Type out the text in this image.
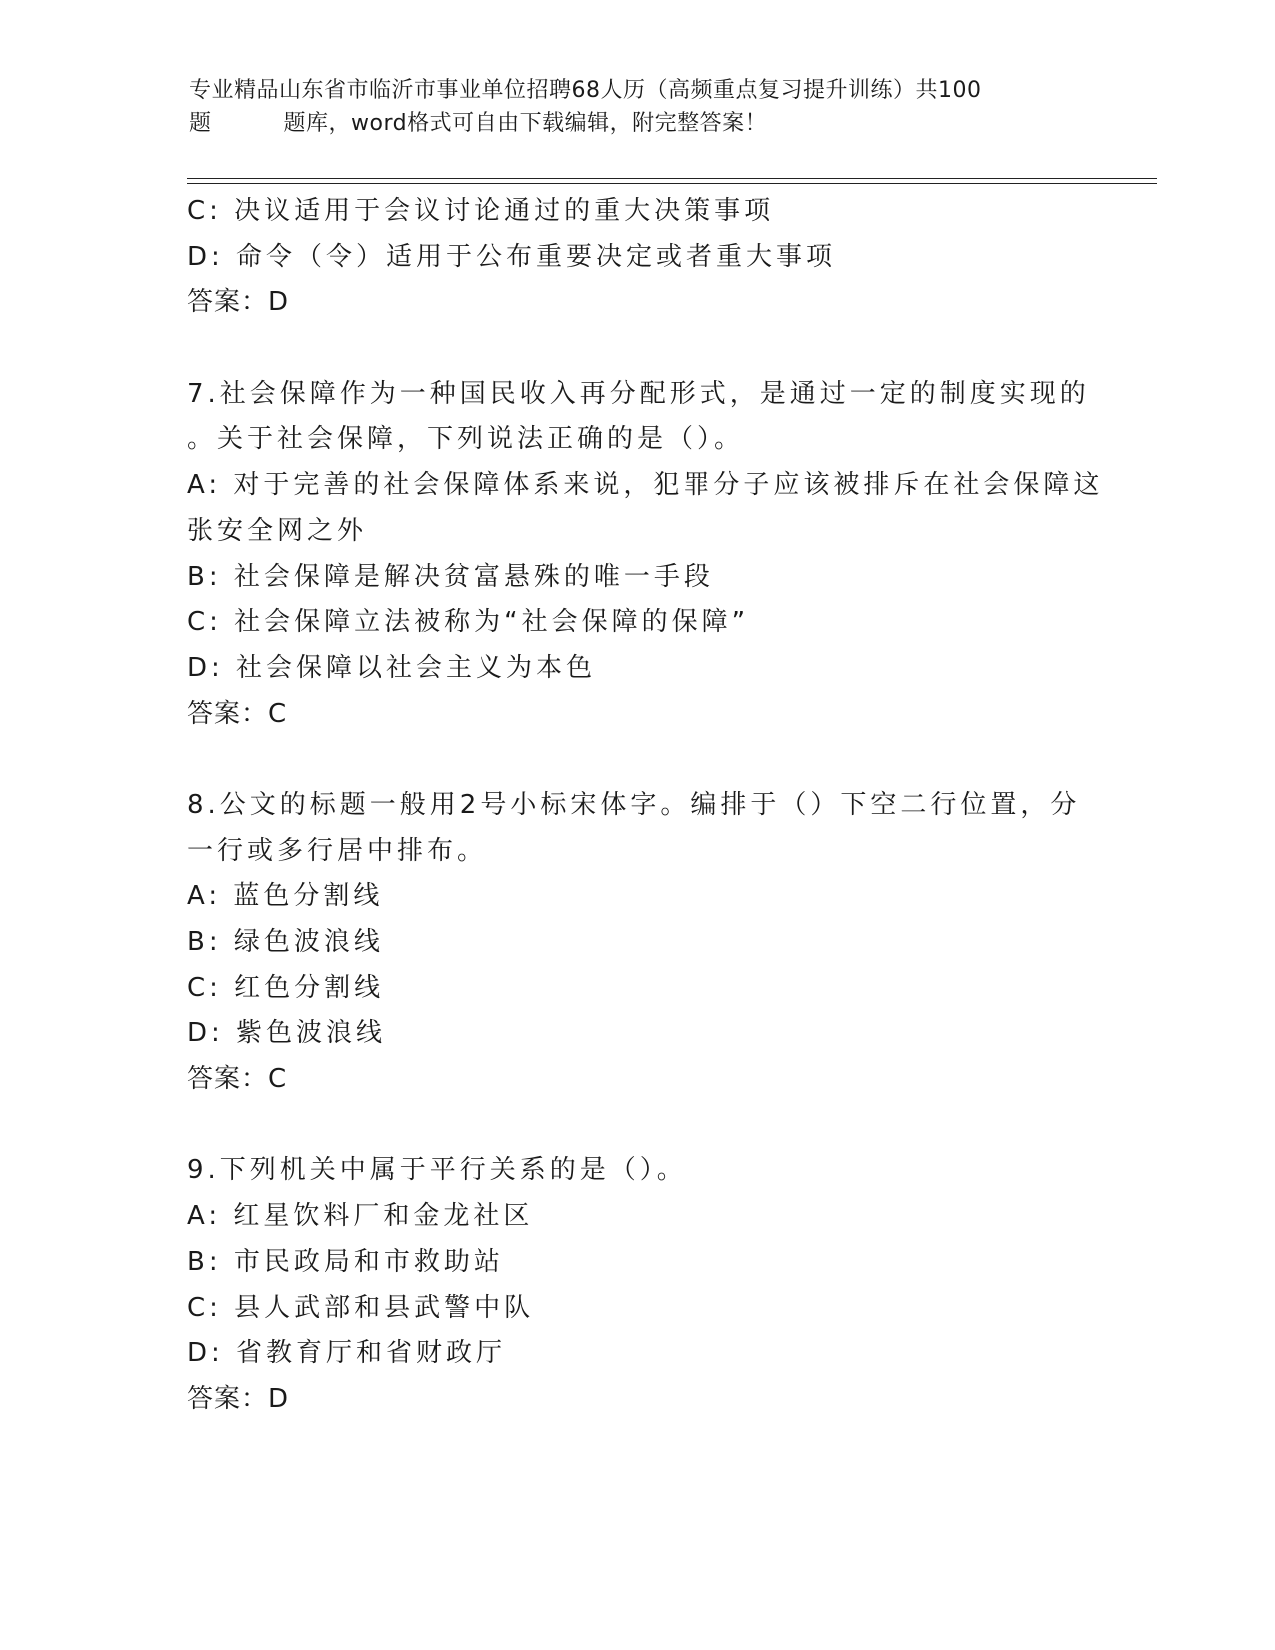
专业精品山东省市临沂市事业单位招聘68人历（高频重点复习提升训练）共100
题	题库，word格式可自由下载编辑，附完整答案！
C: 决议适用于会议讨论通过的重大决策事项
D: 命令（令）适用于公布重要决定或者重大事项
答案：D
7.社会保障作为一种国民收入再分配形式，是通过一定的制度实现的
。关于社会保障，下列说法正确的是（）。
A: 对于完善的社会保障体系来说，犯罪分子应该被排斥在社会保障这
张安全网之外
B: 社会保障是解决贫富悬殊的唯一手段
C: 社会保障立法被称为“社会保障的保障”
D: 社会保障以社会主义为本色
答案：C
8.公文的标题一般用2号小标宋体字。编排于（）下空二行位置，分
一行或多行居中排布。
A: 蓝色分割线
B: 绿色波浪线
C: 红色分割线
D: 紫色波浪线
答案：C
9.下列机关中属于平行关系的是（）。
A: 红星饮料厂和金龙社区
B: 市民政局和市救助站
C: 县人武部和县武警中队
D: 省教育厅和省财政厅
答案：D
